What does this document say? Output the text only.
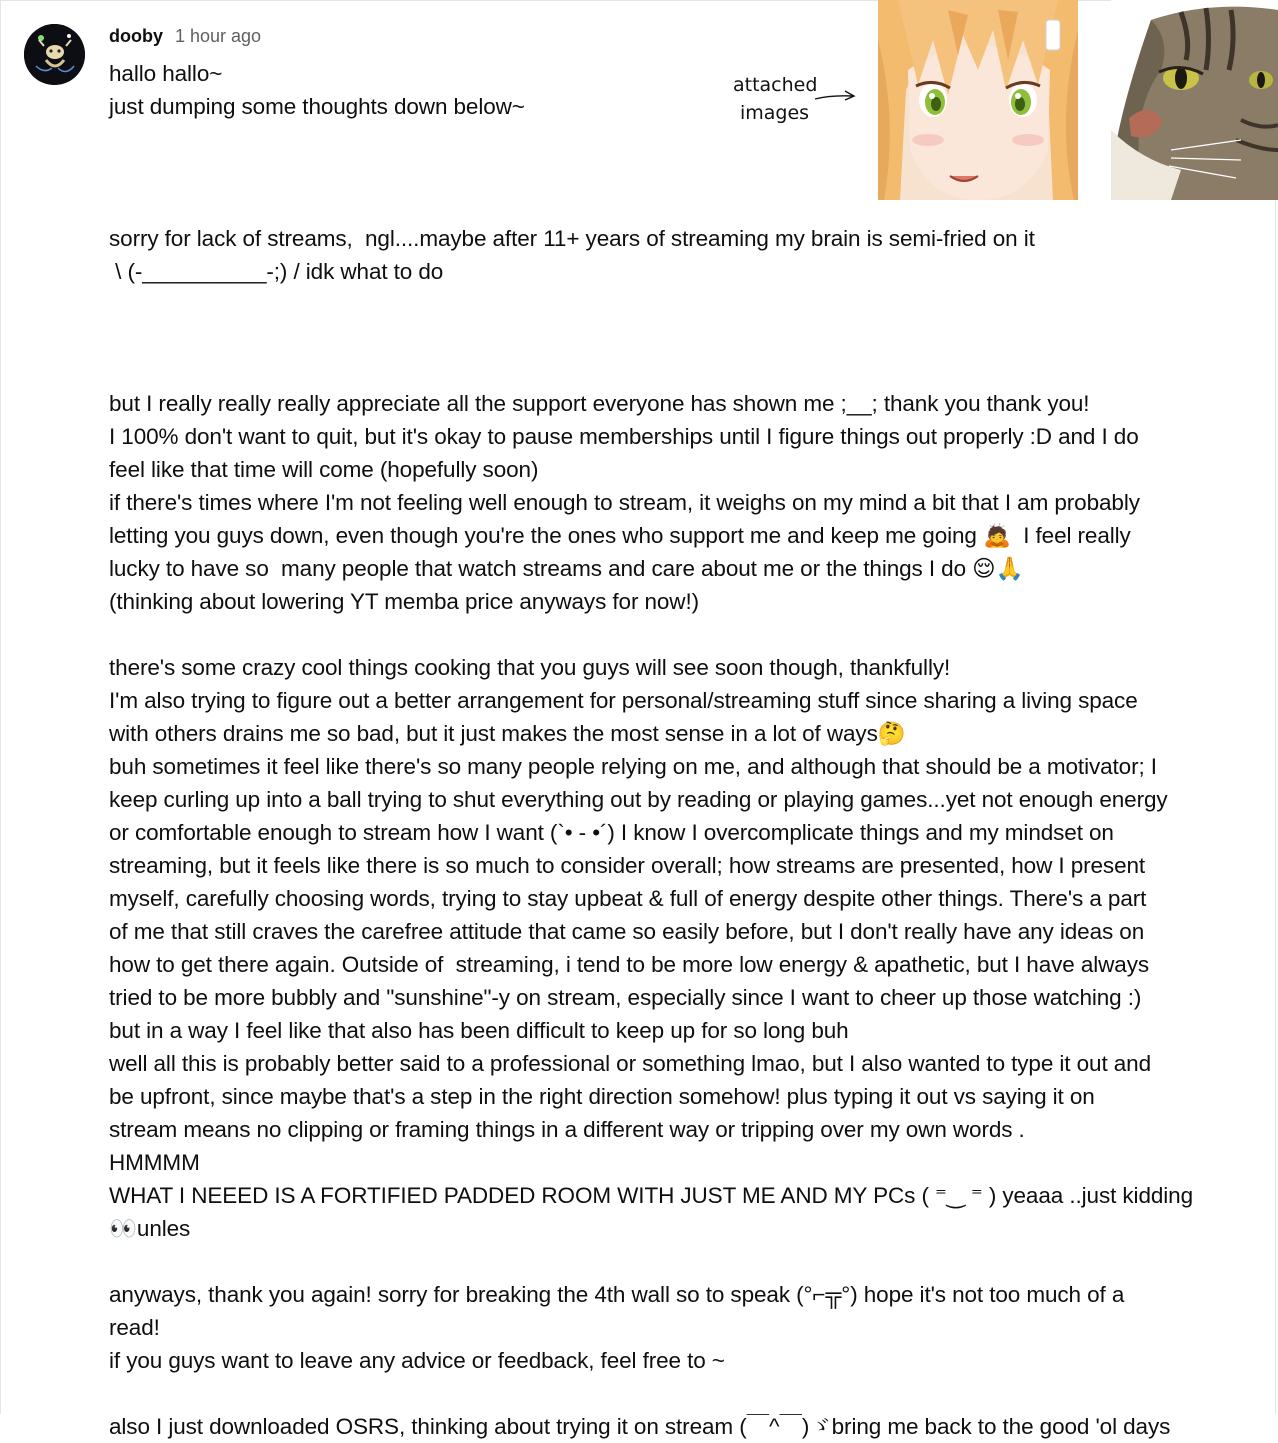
dooby 1 hour ago
attached
images
hallo hallo~
just dumping some thoughts down below~
sorry for lack of streams,  ngl....maybe after 11+ years of streaming my brain is semi-fried on it
\ (-__________-;) / idk what to do
but I really really really appreciate all the support everyone has shown me ;__; thank you thank you!
I 100% don't want to quit, but it's okay to pause memberships until I figure things out properly :D and I do
feel like that time will come (hopefully soon)
if there's times where I'm not feeling well enough to stream, it weighs on my mind a bit that I am probably
letting you guys down, even though you're the ones who support me and keep me going 🙇  I feel really
lucky to have so  many people that watch streams and care about me or the things I do 😌🙏
(thinking about lowering YT memba price anyways for now!)
there's some crazy cool things cooking that you guys will see soon though, thankfully!
I'm also trying to figure out a better arrangement for personal/streaming stuff since sharing a living space
with others drains me so bad, but it just makes the most sense in a lot of ways🤔
buh sometimes it feel like there's so many people relying on me, and although that should be a motivator; I
keep curling up into a ball trying to shut everything out by reading or playing games...yet not enough energy
or comfortable enough to stream how I want (`• - •´) I know I overcomplicate things and my mindset on
streaming, but it feels like there is so much to consider overall; how streams are presented, how I present
myself, carefully choosing words, trying to stay upbeat & full of energy despite other things. There's a part
of me that still craves the carefree attitude that came so easily before, but I don't really have any ideas on
how to get there again. Outside of  streaming, i tend to be more low energy & apathetic, but I have always
tried to be more bubbly and "sunshine"-y on stream, especially since I want to cheer up those watching :)
but in a way I feel like that also has been difficult to keep up for so long buh
well all this is probably better said to a professional or something lmao, but I also wanted to type it out and
be upfront, since maybe that's a step in the right direction somehow! plus typing it out vs saying it on
stream means no clipping or framing things in a different way or tripping over my own words .
HMMMM
WHAT I NEEED IS A FORTIFIED PADDED ROOM WITH JUST ME AND MY PCs ( ⁼‿ ⁼ ) yeaaa ..just kidding
👀unles
anyways, thank you again! sorry for breaking the 4th wall so to speak (°⌐╦°) hope it's not too much of a
read!
if you guys want to leave any advice or feedback, feel free to ~
also I just downloaded OSRS, thinking about trying it on stream (￣^￣)ゞbring me back to the good 'ol days
